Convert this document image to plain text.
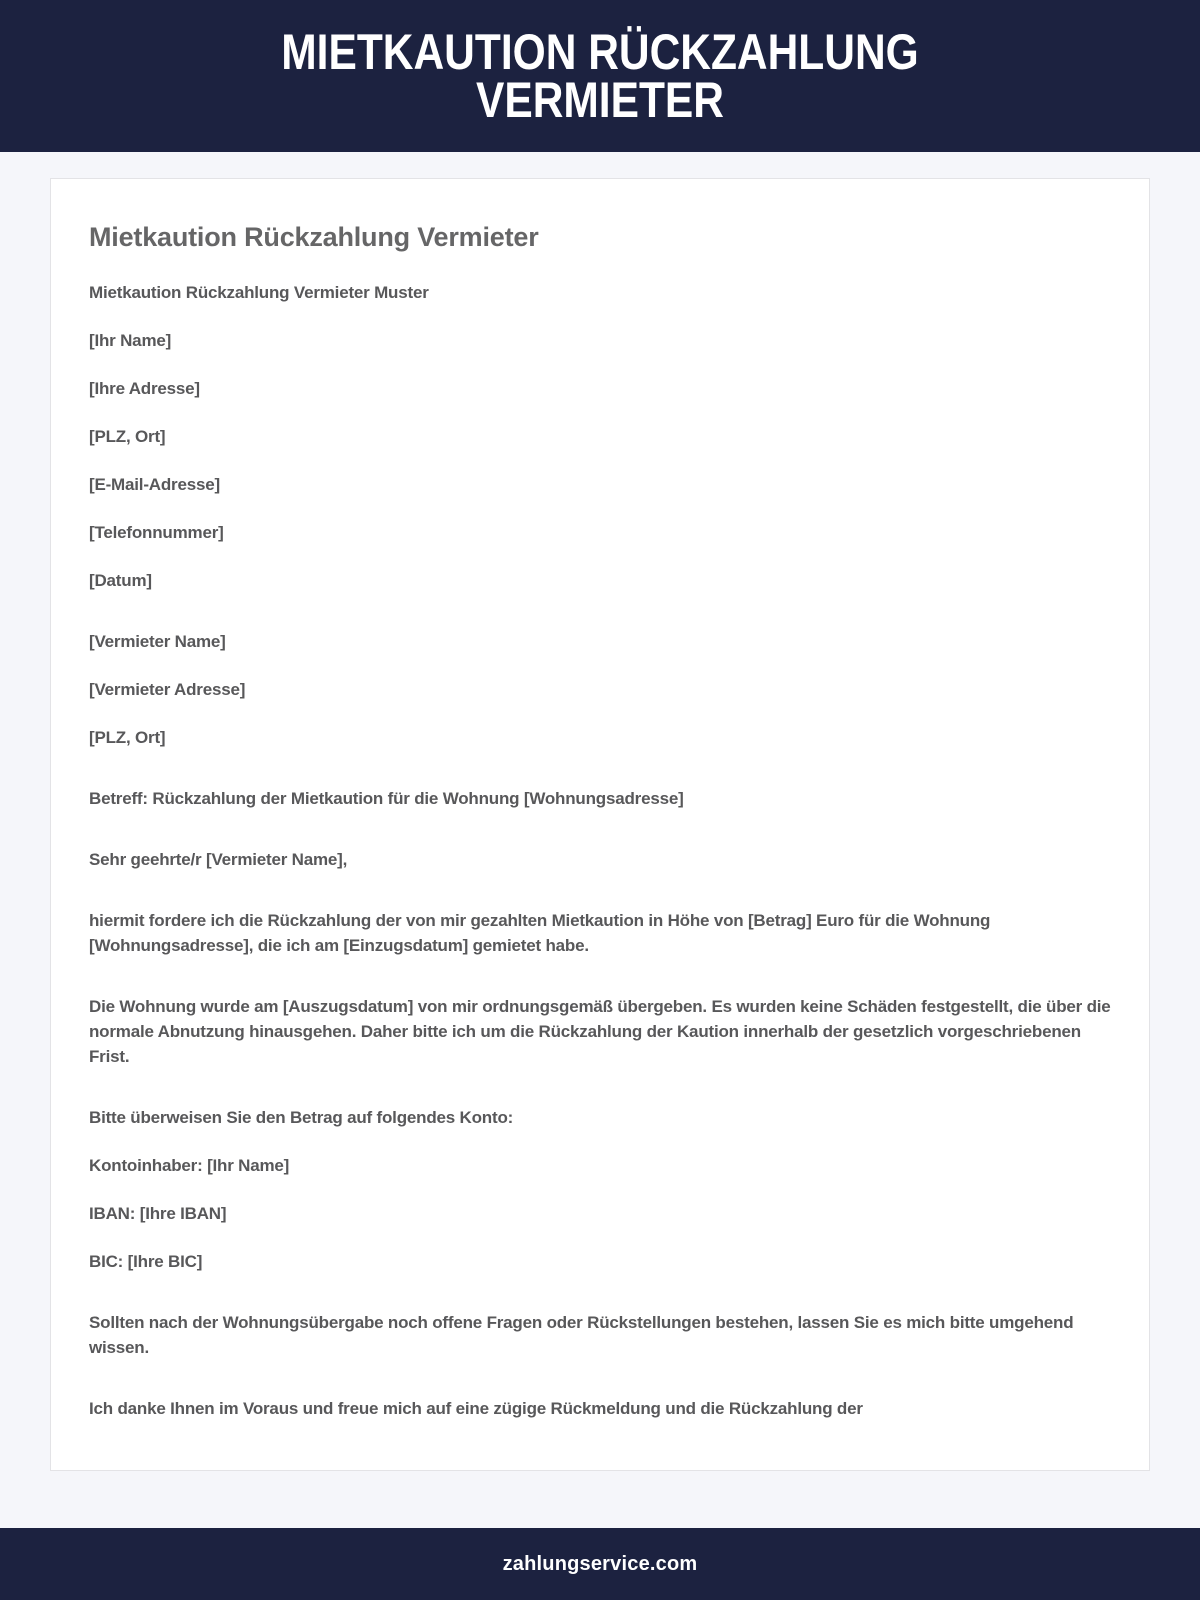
MIETKAUTION RÜCKZAHLUNG VERMIETER
Mietkaution Rückzahlung Vermieter

Mietkaution Rückzahlung Vermieter Muster

[Ihr Name]

[Ihre Adresse]

[PLZ, Ort]

[E-Mail-Adresse]

[Telefonnummer]

[Datum]

[Vermieter Name]

[Vermieter Adresse]

[PLZ, Ort]

Betreff: Rückzahlung der Mietkaution für die Wohnung [Wohnungsadresse]

Sehr geehrte/r [Vermieter Name],

hiermit fordere ich die Rückzahlung der von mir gezahlten Mietkaution in Höhe von [Betrag] Euro für die Wohnung [Wohnungsadresse], die ich am [Einzugsdatum] gemietet habe.

Die Wohnung wurde am [Auszugsdatum] von mir ordnungsgemäß übergeben. Es wurden keine Schäden festgestellt, die über die normale Abnutzung hinausgehen. Daher bitte ich um die Rückzahlung der Kaution innerhalb der gesetzlich vorgeschriebenen Frist.

Bitte überweisen Sie den Betrag auf folgendes Konto:

Kontoinhaber: [Ihr Name]

IBAN: [Ihre IBAN]

BIC: [Ihre BIC]

Sollten nach der Wohnungsübergabe noch offene Fragen oder Rückstellungen bestehen, lassen Sie es mich bitte umgehend wissen.

Ich danke Ihnen im Voraus und freue mich auf eine zügige Rückmeldung und die Rückzahlung der

zahlungservice.com
